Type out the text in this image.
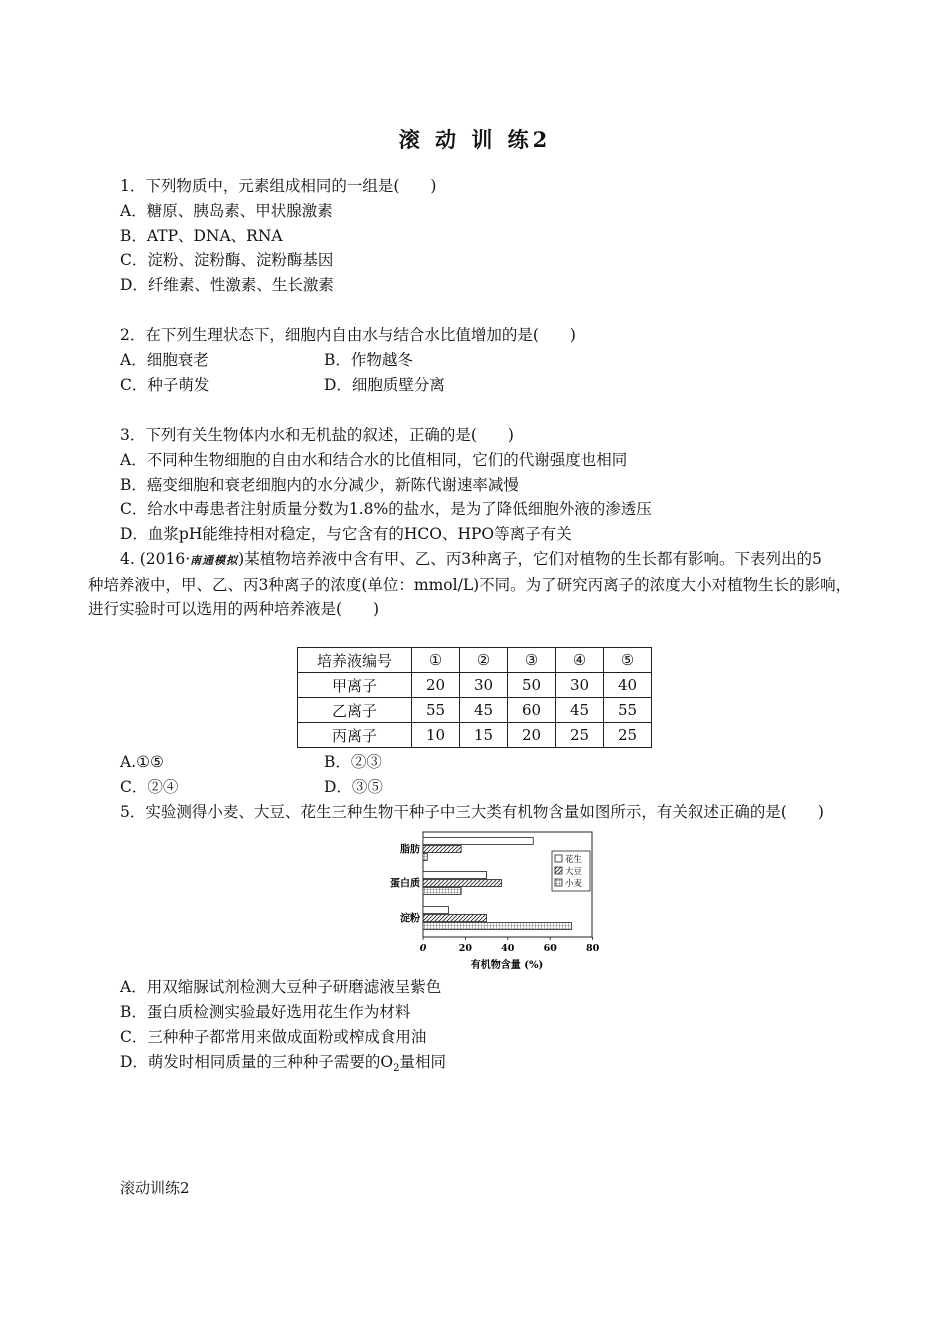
滚 动 训 练2
1．下列物质中，元素组成相同的一组是(　　)
A．糖原、胰岛素、甲状腺激素
B．ATP、DNA、RNA
C．淀粉、淀粉酶、淀粉酶基因
D．纤维素、性激素、生长激素
2．在下列生理状态下，细胞内自由水与结合水比值增加的是(　　)
A．细胞衰老	B．作物越冬
C．种子萌发	D．细胞质壁分离
3．下列有关生物体内水和无机盐的叙述，正确的是(　　)
A．不同种生物细胞的自由水和结合水的比值相同，它们的代谢强度也相同
B．癌变细胞和衰老细胞内的水分减少，新陈代谢速率减慢
C．给水中毒患者注射质量分数为1.8%的盐水，是为了降低细胞外液的渗透压
D．血浆pH能维持相对稳定，与它含有的HCO、HPO等离子有关
4. (2016·南通模拟)某植物培养液中含有甲、乙、丙3种离子，它们对植物的生长都有影响。下表列出的5
种培养液中，甲、乙、丙3种离子的浓度(单位：mmol/L)不同。为了研究丙离子的浓度大小对植物生长的影响，
进行实验时可以选用的两种培养液是(　　)
培养液编号	①	②	③	④	⑤
甲离子	20	30	50	30	40
乙离子	55	45	60	45	55
丙离子	10	15	20	25	25
A.①⑤	B．②③
C．②④	D．③⑤
5．实验测得小麦、大豆、花生三种生物干种子中三大类有机物含量如图所示，有关叙述正确的是(　　)
0	20	40	60	80
脂肪
蛋白质
淀粉
花生
大豆
小麦
有机物含量 (%)
A．用双缩脲试剂检测大豆种子研磨滤液呈紫色
B．蛋白质检测实验最好选用花生作为材料
C．三种种子都常用来做成面粉或榨成食用油
D．萌发时相同质量的三种种子需要的$O_2$量相同
滚动训练2
